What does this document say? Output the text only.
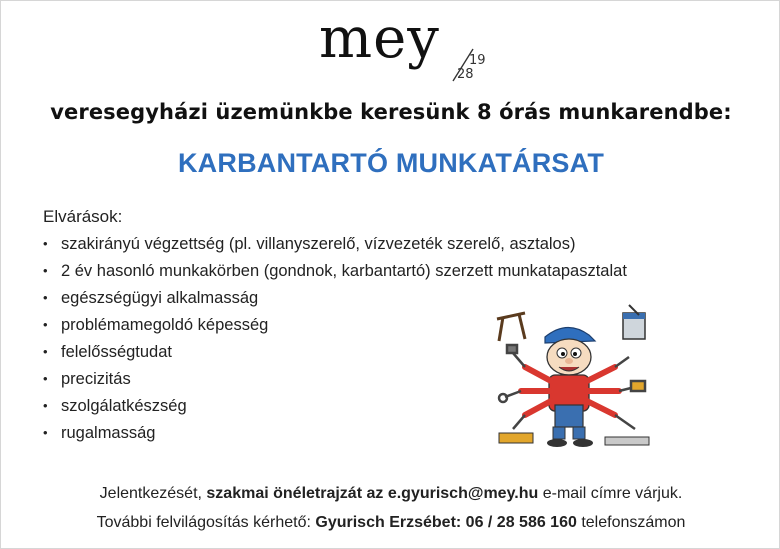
mey 19
28
veresegyházi üzemünkbe keresünk 8 órás munkarendbe:
KARBANTARTÓ MUNKATÁRSAT
Elvárások:
• szakirányú végzettség (pl. villanyszerelő, vízvezeték szerelő, asztalos)
• 2 év hasonló munkakörben (gondnok, karbantartó) szerzett munkatapasztalat
• egészségügyi alkalmasság
• problémamegoldó képesség
• felelősségtudat
• precizitás
• szolgálatkészség
• rugalmasság
Jelentkezését, szakmai önéletrajzát az e.gyurisch@mey.hu e-mail címre várjuk.
További felvilágosítás kérhető: Gyurisch Erzsébet: 06 / 28 586 160 telefonszámon
